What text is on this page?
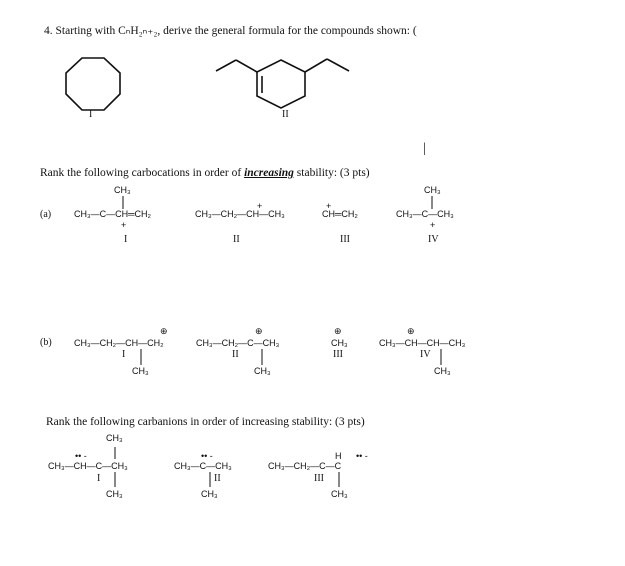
4. Starting with CₙH₂ₙ₊₂, derive the general formula for the compounds shown: (
I	II
|
Rank the following carbocations in order of increasing stability: (3 pts)
(a)
CH₃
CH₃—C—CH═CH₂
+
I
+
CH₃—CH₂—CH—CH₃
II
+
CH═CH₂
III
CH₃
CH₃—C—CH₃
+
IV
(b)
⊕
CH₃—CH₂—CH—CH₂
I
CH₃
⊕
CH₃—CH₂—C—CH₃
II
CH₃
⊕
CH₃
III
⊕
CH₃—CH—CH—CH₃
IV
CH₃
Rank the following carbanions in order of increasing stability: (3 pts)
CH₃
•• -
CH₃—CH—C—CH₃
I
CH₃
•• -
CH₃—C—CH₃
II
CH₃
H •• -
CH₃—CH₂—C—C
III
CH₃
